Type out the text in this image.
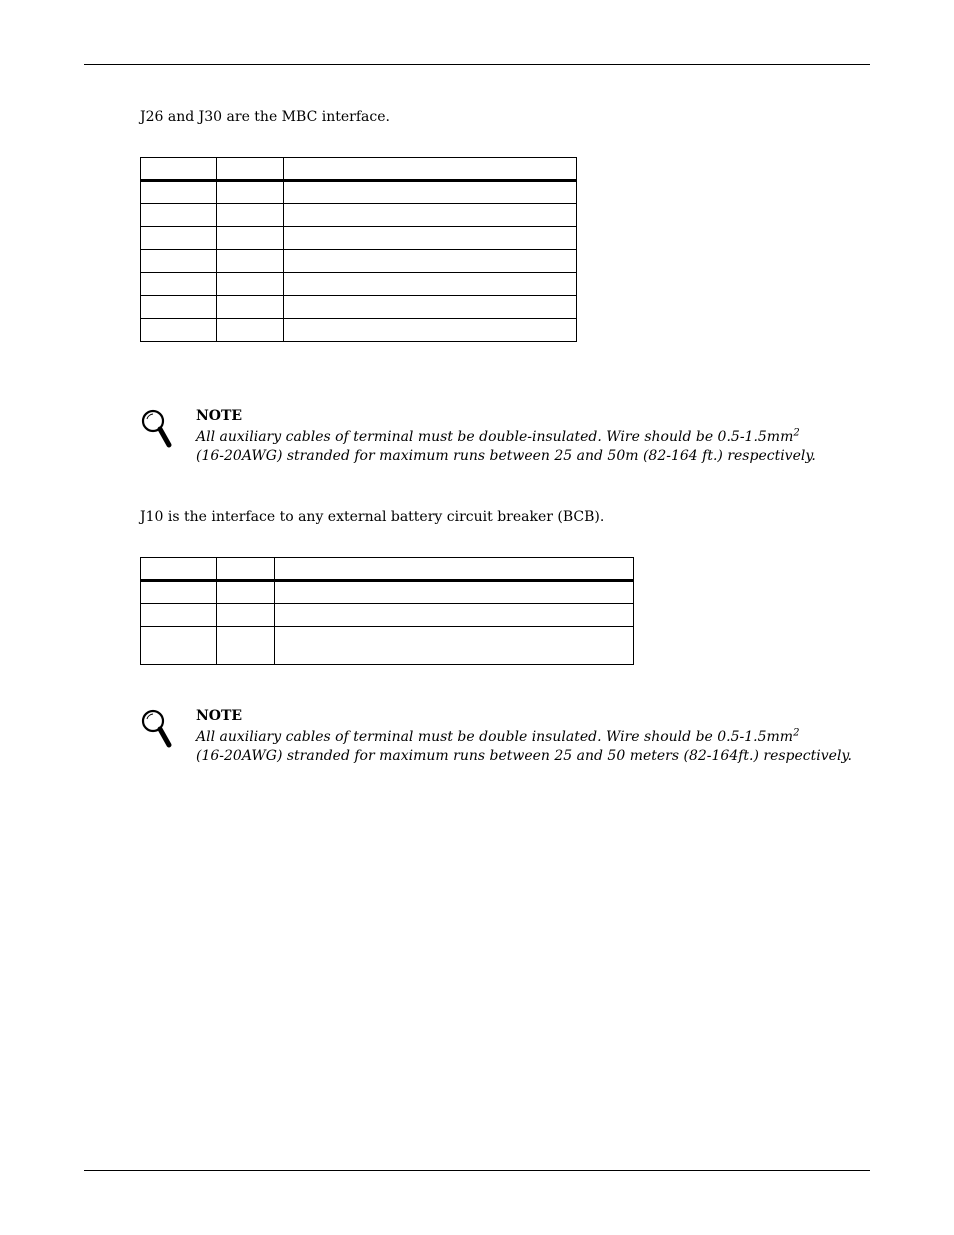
J26 and J30 are the MBC interface.

NOTE
All auxiliary cables of terminal must be double-insulated. Wire should be $0.5-1.5mm^2$
(16-20AWG) stranded for maximum runs between 25 and 50m (82-164 ft.) respectively.
J10 is the interface to any external battery circuit breaker (BCB).

NOTE
All auxiliary cables of terminal must be double insulated. Wire should be $0.5-1.5mm^2$
(16-20AWG) stranded for maximum runs between 25 and 50 meters (82-164ft.) respectively.
